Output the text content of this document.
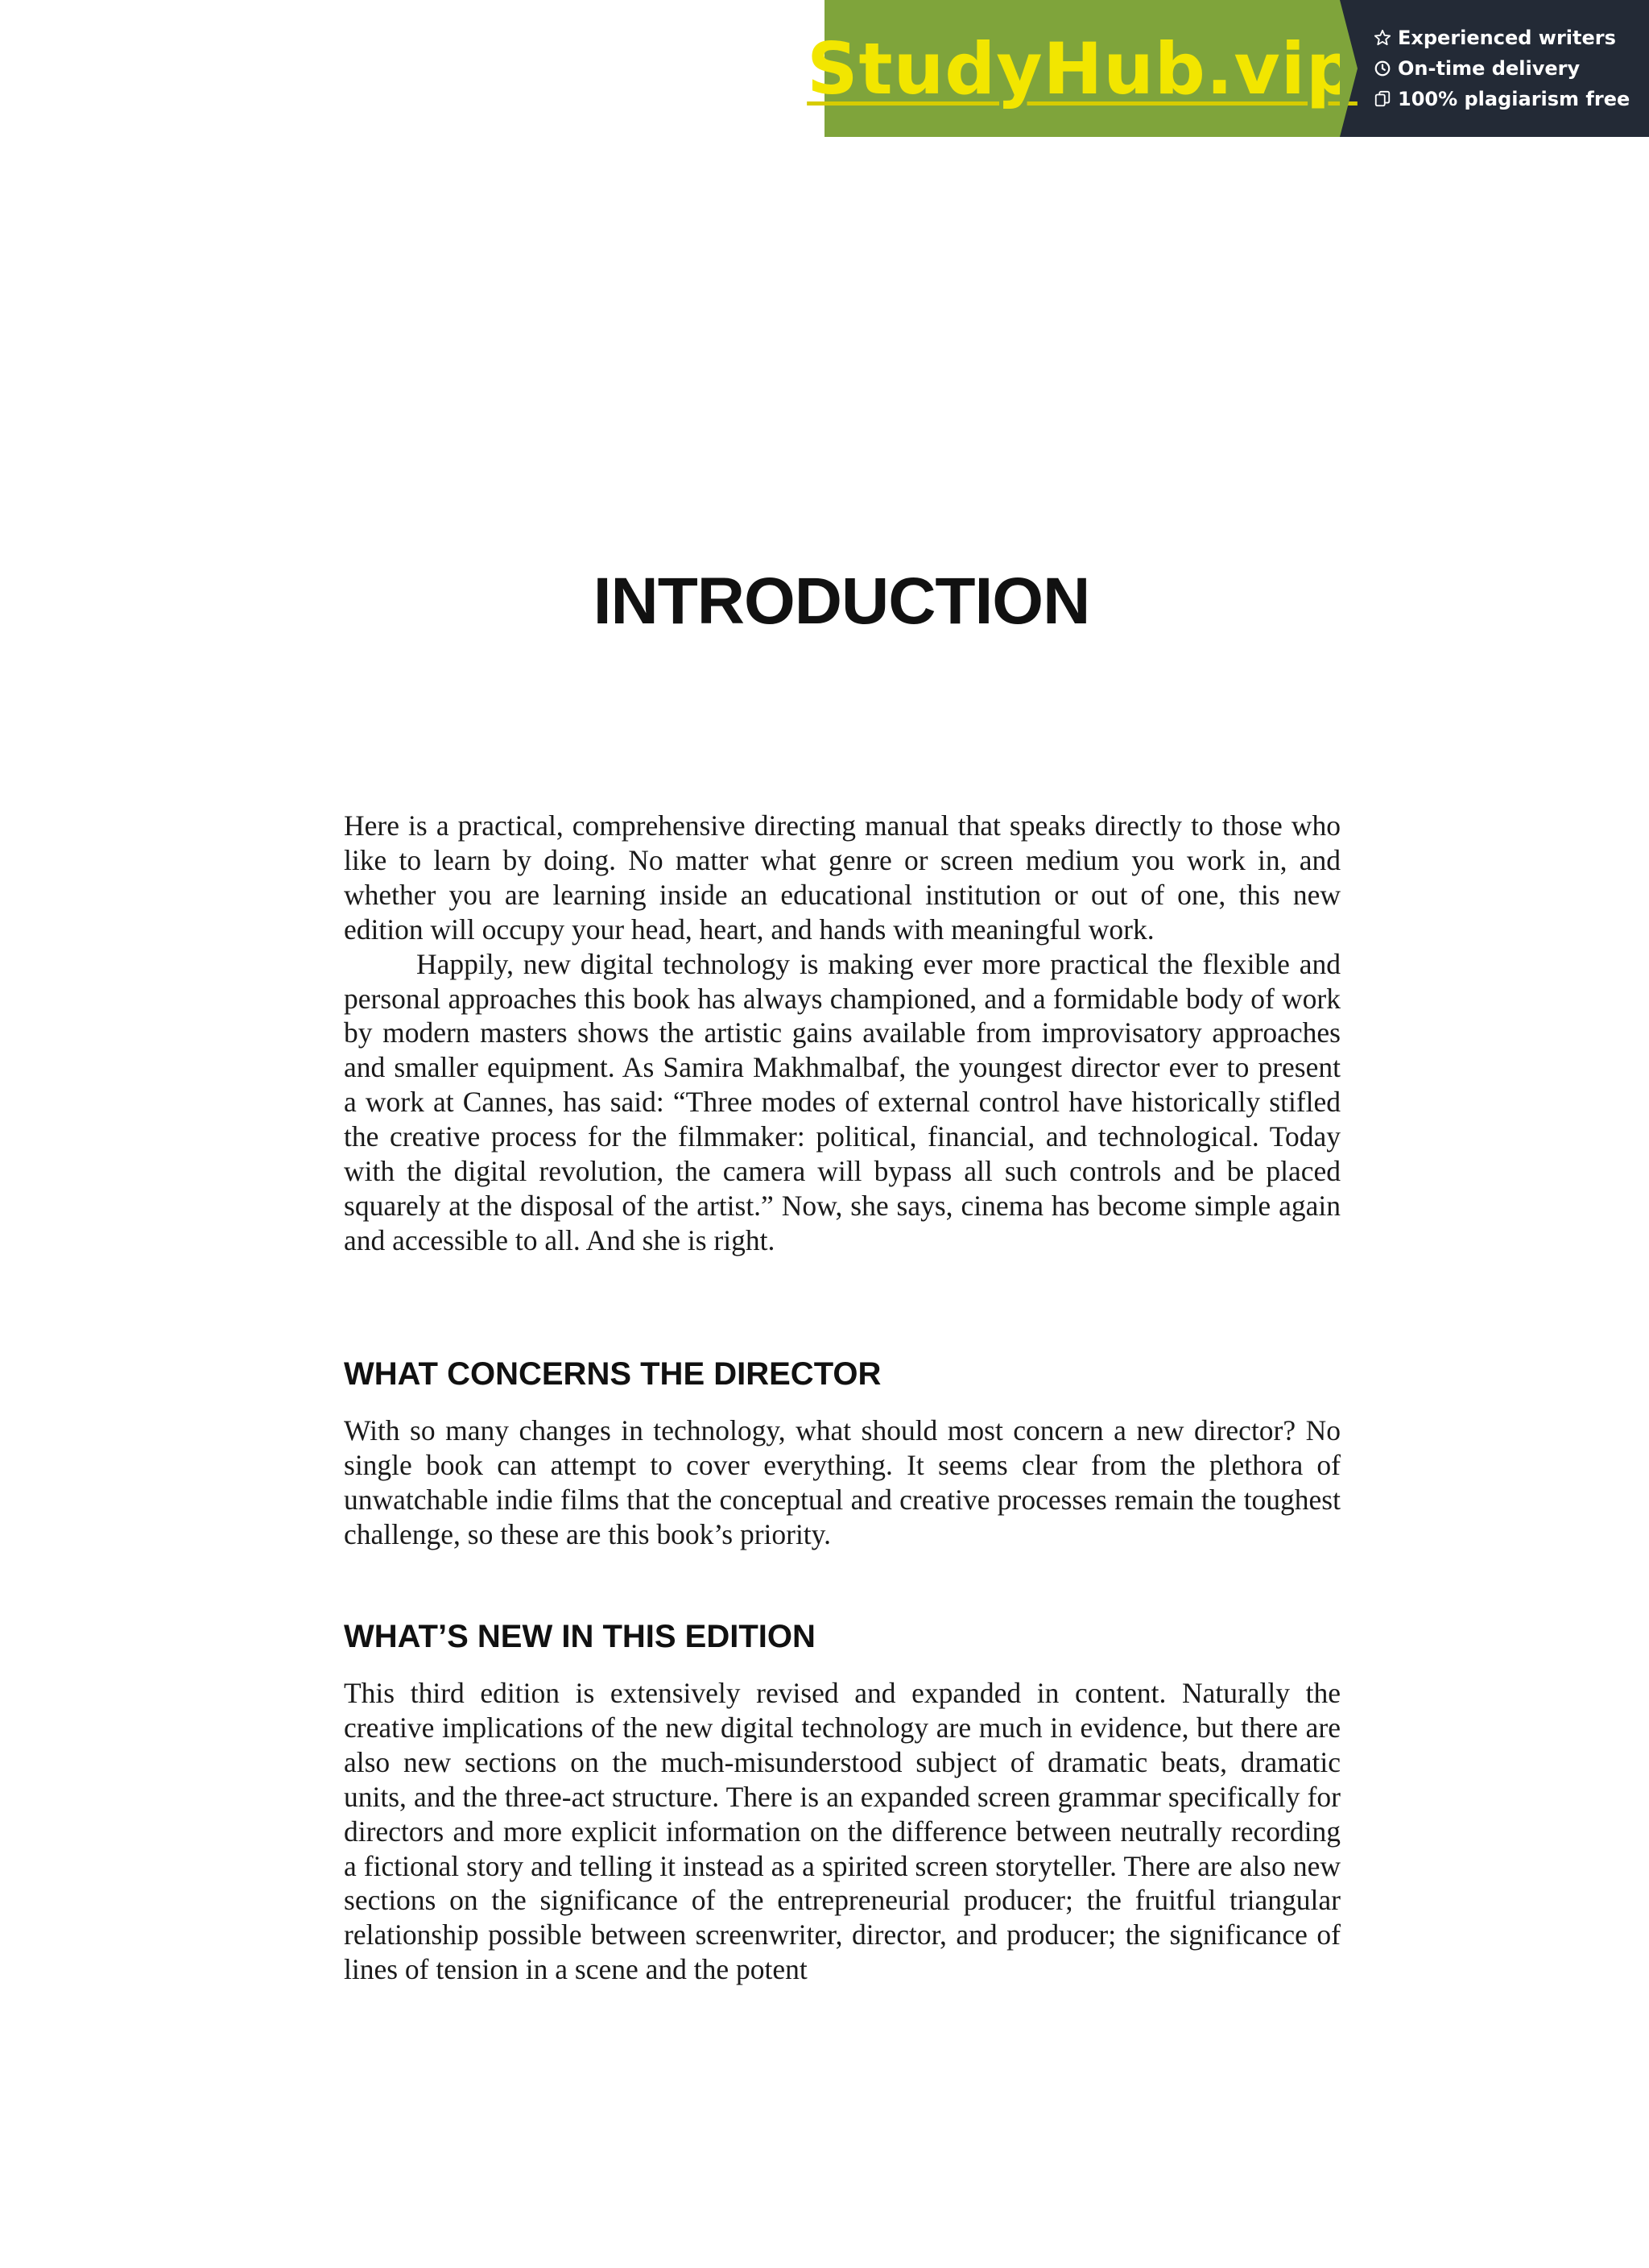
StudyHub.vip Experienced writers
On-time delivery
100% plagiarism free
INTRODUCTION

Here is a practical, comprehensive directing manual that speaks directly to those who like to learn by doing. No matter what genre or screen medium you work in, and whether you are learning inside an educational institution or out of one, this new edition will occupy your head, heart, and hands with meaningful work.

Happily, new digital technology is making ever more practical the flexible and personal approaches this book has always championed, and a formidable body of work by modern masters shows the artistic gains available from improvisatory approaches and smaller equipment. As Samira Makhmalbaf, the youngest director ever to present a work at Cannes, has said: “Three modes of external control have historically stifled the creative process for the filmmaker: political, financial, and technological. Today with the digital revolution, the camera will bypass all such controls and be placed squarely at the disposal of the artist.” Now, she says, cinema has become simple again and accessible to all. And she is right.

WHAT CONCERNS THE DIRECTOR

With so many changes in technology, what should most concern a new director? No single book can attempt to cover everything. It seems clear from the plethora of unwatchable indie films that the conceptual and creative processes remain the toughest challenge, so these are this book’s priority.

WHAT’S NEW IN THIS EDITION

This third edition is extensively revised and expanded in content. Naturally the creative implications of the new digital technology are much in evidence, but there are also new sections on the much-misunderstood subject of dramatic beats, dramatic units, and the three-act structure. There is an expanded screen grammar specifically for directors and more explicit information on the difference between neutrally recording a fictional story and telling it instead as a spirited screen storyteller. There are also new sections on the significance of the entrepreneurial producer; the fruitful triangular relationship possible between screenwriter, director, and producer; the significance of lines of tension in a scene and the potent
